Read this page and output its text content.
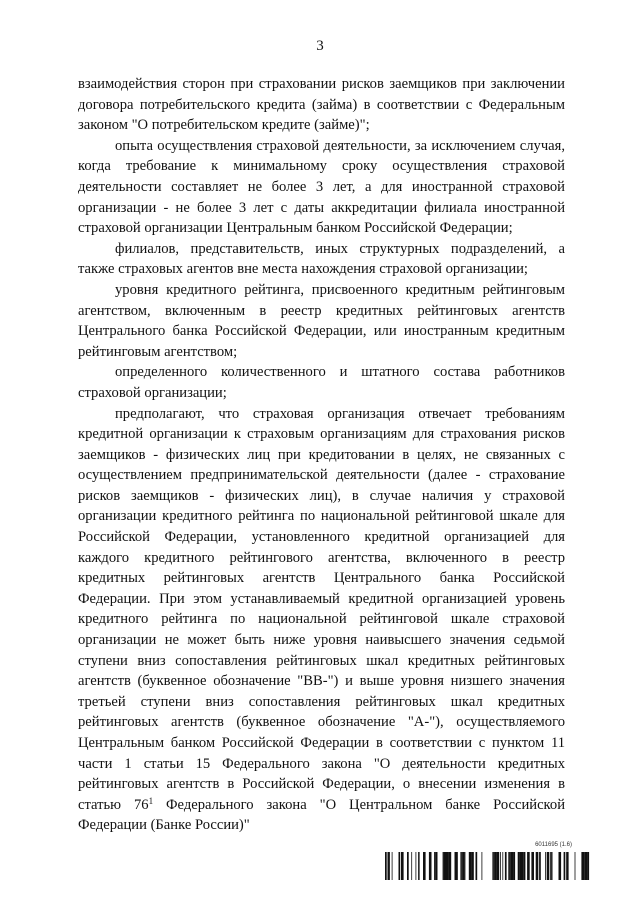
3

взаимодействия сторон при страховании рисков заемщиков при заключении договора потребительского кредита (займа) в соответствии с Федеральным законом "О потребительском кредите (займе)";

опыта осуществления страховой деятельности, за исключением случая, когда требование к минимальному сроку осуществления страховой деятельности составляет не более 3 лет, а для иностранной страховой организации - не более 3 лет с даты аккредитации филиала иностранной страховой организации Центральным банком Российской Федерации;

филиалов, представительств, иных структурных подразделений, а также страховых агентов вне места нахождения страховой организации;

уровня кредитного рейтинга, присвоенного кредитным рейтинговым агентством, включенным в реестр кредитных рейтинговых агентств Центрального банка Российской Федерации, или иностранным кредитным рейтинговым агентством;

определенного количественного и штатного состава работников страховой организации;

предполагают, что страховая организация отвечает требованиям кредитной организации к страховым организациям для страхования рисков заемщиков - физических лиц при кредитовании в целях, не связанных с осуществлением предпринимательской деятельности (далее - страхование рисков заемщиков - физических лиц), в случае наличия у страховой организации кредитного рейтинга по национальной рейтинговой шкале для Российской Федерации, установленного кредитной организацией для каждого кредитного рейтингового агентства, включенного в реестр кредитных рейтинговых агентств Центрального банка Российской Федерации. При этом устанавливаемый кредитной организацией уровень кредитного рейтинга по национальной рейтинговой шкале страховой организации не может быть ниже уровня наивысшего значения седьмой ступени вниз сопоставления рейтинговых шкал кредитных рейтинговых агентств (буквенное обозначение "BB-") и выше уровня низшего значения третьей ступени вниз сопоставления рейтинговых шкал кредитных рейтинговых агентств (буквенное обозначение "A-"), осуществляемого Центральным банком Российской Федерации в соответствии с пунктом 11 части 1 статьи 15 Федерального закона "О деятельности кредитных рейтинговых агентств в Российской Федерации, о внесении изменения в статью $76^1$ Федерального закона "О Центральном банке Российской Федерации (Банке России)"

6011695 (1.6)
